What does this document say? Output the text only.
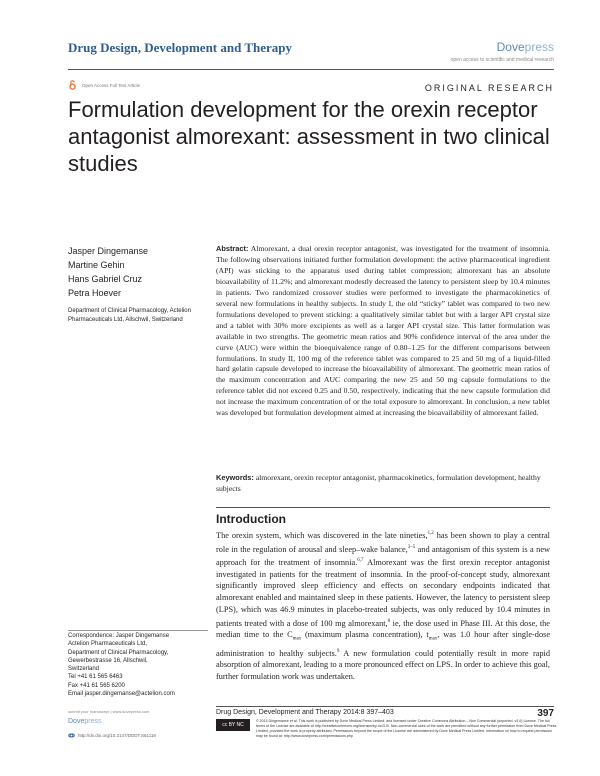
Drug Design, Development and Therapy	Dovepress
open access to scientific and medical research
Open Access Full Text Article	ORIGINAL RESEARCH
Formulation development for the orexin receptor antagonist almorexant: assessment in two clinical studies
Jasper Dingemanse
Martine Gehin
Hans Gabriel Cruz
Petra Hoever
Department of Clinical Pharmacology, Actelion Pharmaceuticals Ltd, Allschwil, Switzerland
Abstract: Almorexant, a dual orexin receptor antagonist, was investigated for the treatment of insomnia. The following observations initiated further formulation development: the active pharmaceutical ingredient (API) was sticking to the apparatus used during tablet compression; almorexant has an absolute bioavailability of 11.2%; and almorexant modestly decreased the latency to persistent sleep by 10.4 minutes in patients. Two randomized crossover studies were performed to investigate the pharmacokinetics of several new formulations in healthy subjects. In study I, the old “sticky” tablet was compared to two new formulations developed to prevent sticking: a qualitatively similar tablet but with a larger API crystal size and a tablet with 30% more excipients as well as a larger API crystal size. This latter formulation was available in two strengths. The geometric mean ratios and 90% confidence interval of the area under the curve (AUC) were within the bioequivalence range of 0.80–1.25 for the different comparisons between formulations. In study II, 100 mg of the reference tablet was compared to 25 and 50 mg of a liquid-filled hard gelatin capsule developed to increase the bioavailability of almorexant. The geometric mean ratios of the maximum concentration and AUC comparing the new 25 and 50 mg capsule formulations to the reference tablet did not exceed 0.25 and 0.50, respectively, indicating that the new capsule formulation did not increase the maximum concentration of or the total exposure to almorexant. In conclusion, a new tablet was developed but formulation development aimed at increasing the bioavailability of almorexant failed.
Keywords: almorexant, orexin receptor antagonist, pharmacokinetics, formulation development, healthy subjects
Introduction
The orexin system, which was discovered in the late nineties,$^{1,2}$ has been shown to play a central role in the regulation of arousal and sleep–wake balance,$^{3-5}$ and antagonism of this system is a new approach for the treatment of insomnia.$^{6,7}$ Almorexant was the first orexin receptor antagonist investigated in patients for the treatment of insomnia. In the proof-of-concept study, almorexant significantly improved sleep efficiency and effects on secondary endpoints indicated that almorexant enabled and maintained sleep in these patients. However, the latency to persistent sleep (LPS), which was 46.9 minutes in placebo-treated subjects, was only reduced by 10.4 minutes in patients treated with a dose of 100 mg almorexant,$^8$ ie, the dose used in Phase III. At this dose, the median time to the $C_{max}$ (maximum plasma concentration), $t_{max}$, was 1.0 hour after single-dose administration to healthy subjects.$^9$ A new formulation could potentially result in more rapid absorption of almorexant, leading to a more pronounced effect on LPS. In order to achieve this goal, further formulation work was undertaken.
Correspondence: Jasper Dingemanse
Actelion Pharmaceuticals Ltd,
Department of Clinical Pharmacology,
Gewerbestrasse 16, Allschwil,
Switzerland
Tel +41 61 565 6463
Fax +41 61 565 6200
Email jasper.dingemanse@actelion.com
Drug Design, Development and Therapy 2014:8 397–403	397
submit your manuscript | www.dovepress.com
Dovepress
http://dx.doi.org/10.2147/DDDT.S61118
cc BY NC
© 2014 Dingemanse et al. This work is published by Dove Medical Press Limited, and licensed under Creative Commons Attribution – Non Commercial (unported, v3.0) License. The full terms of the License are available at http://creativecommons.org/licenses/by-nc/3.0/. Non-commercial uses of the work are permitted without any further permission from Dove Medical Press Limited, provided the work is properly attributed. Permissions beyond the scope of the License are administered by Dove Medical Press Limited. Information on how to request permission may be found at: http://www.dovepress.com/permissions.php
